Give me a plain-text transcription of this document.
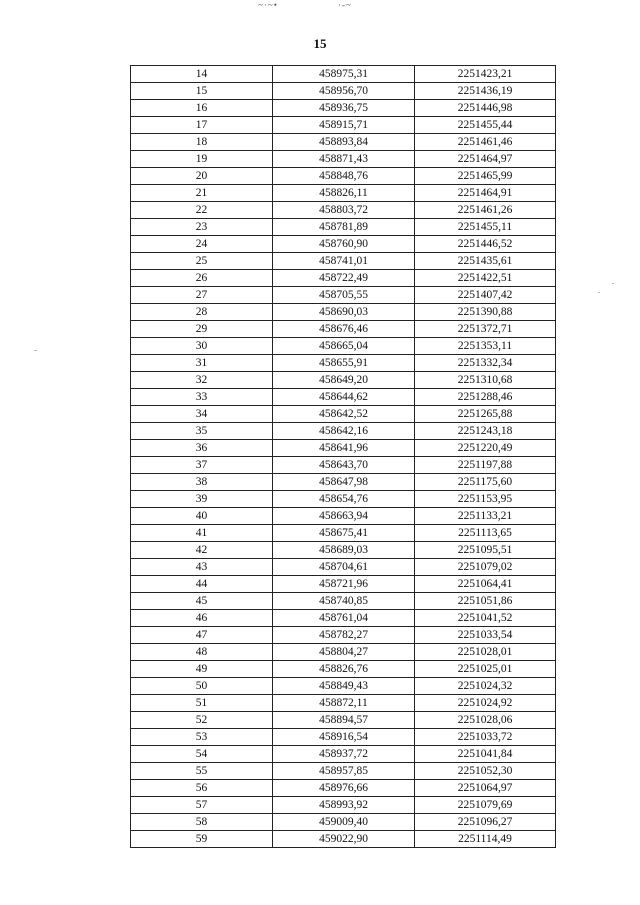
~·~•	·-~
15
14	458975,31	2251423,21
15	458956,70	2251436,19
16	458936,75	2251446,98
17	458915,71	2251455,44
18	458893,84	2251461,46
19	458871,43	2251464,97
20	458848,76	2251465,99
21	458826,11	2251464,91
22	458803,72	2251461,26
23	458781,89	2251455,11
24	458760,90	2251446,52
25	458741,01	2251435,61
26	458722,49	2251422,51
27	458705,55	2251407,42
28	458690,03	2251390,88
29	458676,46	2251372,71
30	458665,04	2251353,11
31	458655,91	2251332,34
32	458649,20	2251310,68
33	458644,62	2251288,46
34	458642,52	2251265,88
35	458642,16	2251243,18
36	458641,96	2251220,49
37	458643,70	2251197,88
38	458647,98	2251175,60
39	458654,76	2251153,95
40	458663,94	2251133,21
41	458675,41	2251113,65
42	458689,03	2251095,51
43	458704,61	2251079,02
44	458721,96	2251064,41
45	458740,85	2251051,86
46	458761,04	2251041,52
47	458782,27	2251033,54
48	458804,27	2251028,01
49	458826,76	2251025,01
50	458849,43	2251024,32
51	458872,11	2251024,92
52	458894,57	2251028,06
53	458916,54	2251033,72
54	458937,72	2251041,84
55	458957,85	2251052,30
56	458976,66	2251064,97
57	458993,92	2251079,69
58	459009,40	2251096,27
59	459022,90	2251114,49
